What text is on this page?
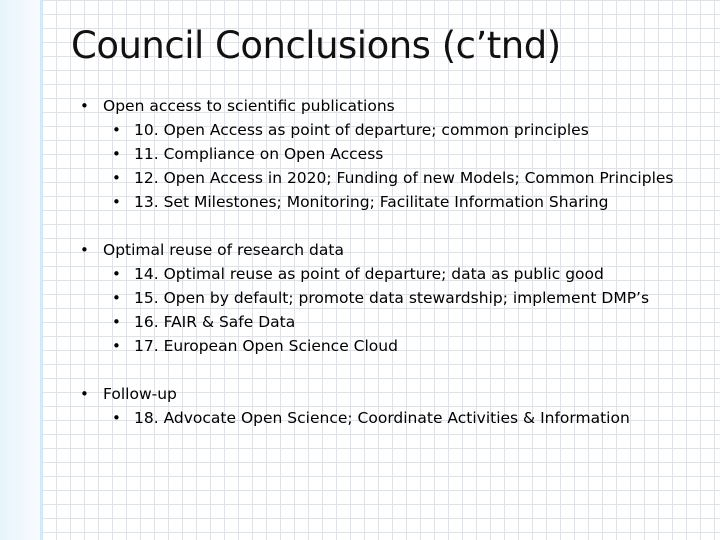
Council Conclusions (c’tnd)
• Open access to scientific publications
• 10. Open Access as point of departure; common principles
• 11. Compliance on Open Access
• 12. Open Access in 2020; Funding of new Models; Common Principles
• 13. Set Milestones; Monitoring; Facilitate Information Sharing
• Optimal reuse of research data
• 14. Optimal reuse as point of departure; data as public good
• 15. Open by default; promote data stewardship; implement DMP’s
• 16. FAIR & Safe Data
• 17. European Open Science Cloud
• Follow-up
• 18. Advocate Open Science; Coordinate Activities & Information
